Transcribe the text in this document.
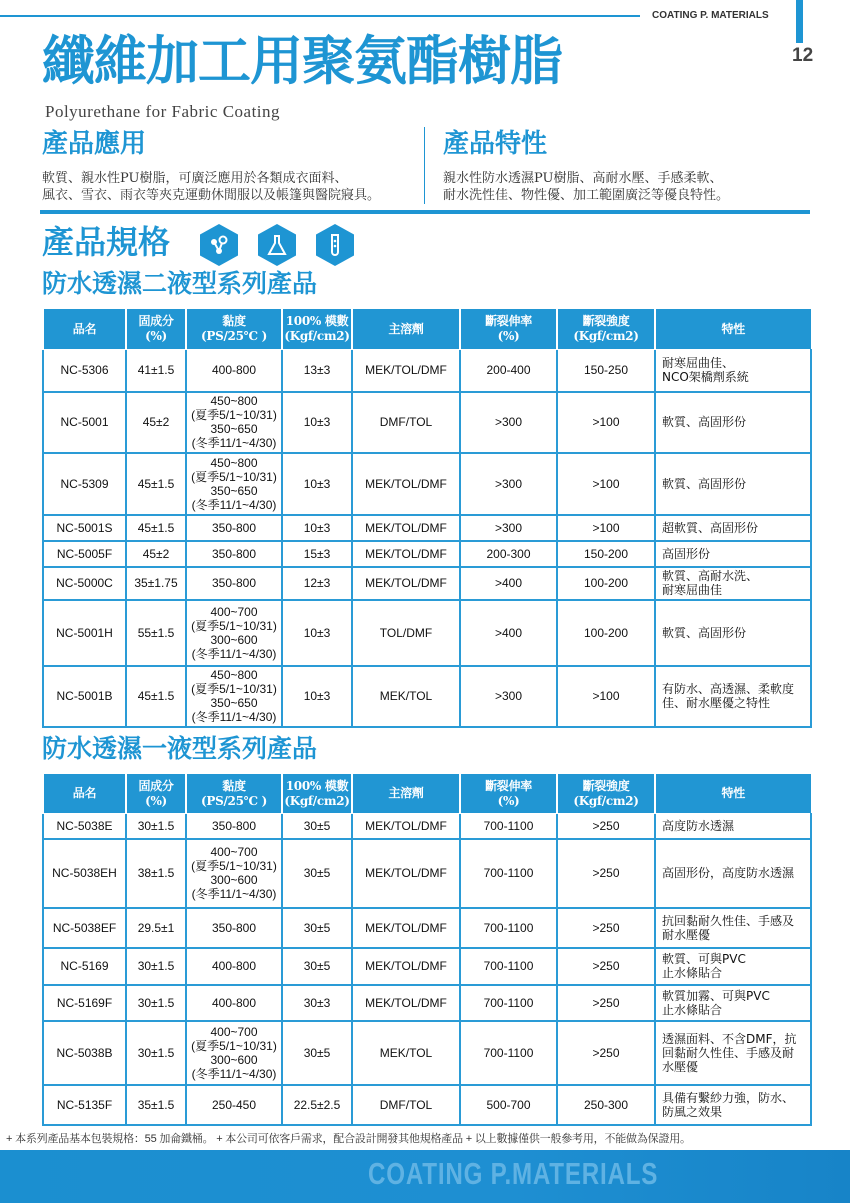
COATING P. MATERIALS
12
纖維加工用聚氨酯樹脂
Polyurethane for Fabric Coating
產品應用
軟質、親水性PU樹脂，可廣泛應用於各類成衣面料、
風衣、雪衣、雨衣等夾克運動休閒服以及帳篷與醫院寢具。
產品特性
親水性防水透濕PU樹脂、高耐水壓、手感柔軟、
耐水洗性佳、物性優、加工範圍廣泛等優良特性。
產品規格
防水透濕二液型系列產品
品名	固成分
(%)	黏度
(PS/25℃ )	100% 模數
(Kgf/cm2)	主溶劑	斷裂伸率
(%)	斷裂強度
(Kgf/cm2)	特性
NC-5306	41±1.5	400-800	13±3	MEK/TOL/DMF	200-400	150-250	耐寒屈曲佳、
NCO架橋劑系統
NC-5001	45±2	450~800
(夏季5/1~10/31)
350~650
(冬季11/1~4/30)	10±3	DMF/TOL	>300	>100	軟質、高固形份
NC-5309	45±1.5	450~800
(夏季5/1~10/31)
350~650
(冬季11/1~4/30)	10±3	MEK/TOL/DMF	>300	>100	軟質、高固形份
NC-5001S	45±1.5	350-800	10±3	MEK/TOL/DMF	>300	>100	超軟質、高固形份
NC-5005F	45±2	350-800	15±3	MEK/TOL/DMF	200-300	150-200	高固形份
NC-5000C	35±1.75	350-800	12±3	MEK/TOL/DMF	>400	100-200	軟質、高耐水洗、
耐寒屈曲佳
NC-5001H	55±1.5	400~700
(夏季5/1~10/31)
300~600
(冬季11/1~4/30)	10±3	TOL/DMF	>400	100-200	軟質、高固形份
NC-5001B	45±1.5	450~800
(夏季5/1~10/31)
350~650
(冬季11/1~4/30)	10±3	MEK/TOL	>300	>100	有防水、高透濕、柔軟度
佳、耐水壓優之特性
防水透濕一液型系列產品
品名	固成分
(%)	黏度
(PS/25℃ )	100% 模數
(Kgf/cm2)	主溶劑	斷裂伸率
(%)	斷裂強度
(Kgf/cm2)	特性
NC-5038E	30±1.5	350-800	30±5	MEK/TOL/DMF	700-1100	>250	高度防水透濕
NC-5038EH	38±1.5	400~700
(夏季5/1~10/31)
300~600
(冬季11/1~4/30)	30±5	MEK/TOL/DMF	700-1100	>250	高固形份，高度防水透濕
NC-5038EF	29.5±1	350-800	30±5	MEK/TOL/DMF	700-1100	>250	抗回黏耐久性佳、手感及
耐水壓優
NC-5169	30±1.5	400-800	30±5	MEK/TOL/DMF	700-1100	>250	軟質、可與PVC
止水條貼合
NC-5169F	30±1.5	400-800	30±3	MEK/TOL/DMF	700-1100	>250	軟質加霧、可與PVC
止水條貼合
NC-5038B	30±1.5	400~700
(夏季5/1~10/31)
300~600
(冬季11/1~4/30)	30±5	MEK/TOL	700-1100	>250	透濕面料、不含DMF，抗
回黏耐久性佳、手感及耐
水壓優
NC-5135F	35±1.5	250-450	22.5±2.5	DMF/TOL	500-700	250-300	具備有繫紗力強，防水、
防風之效果
+ 本系列產品基本包裝規格：55 加侖鐵桶。 + 本公司可依客戶需求，配合設計開發其他規格產品 + 以上數據僅供一般參考用，不能做為保證用。
COATING P.MATERIALS
